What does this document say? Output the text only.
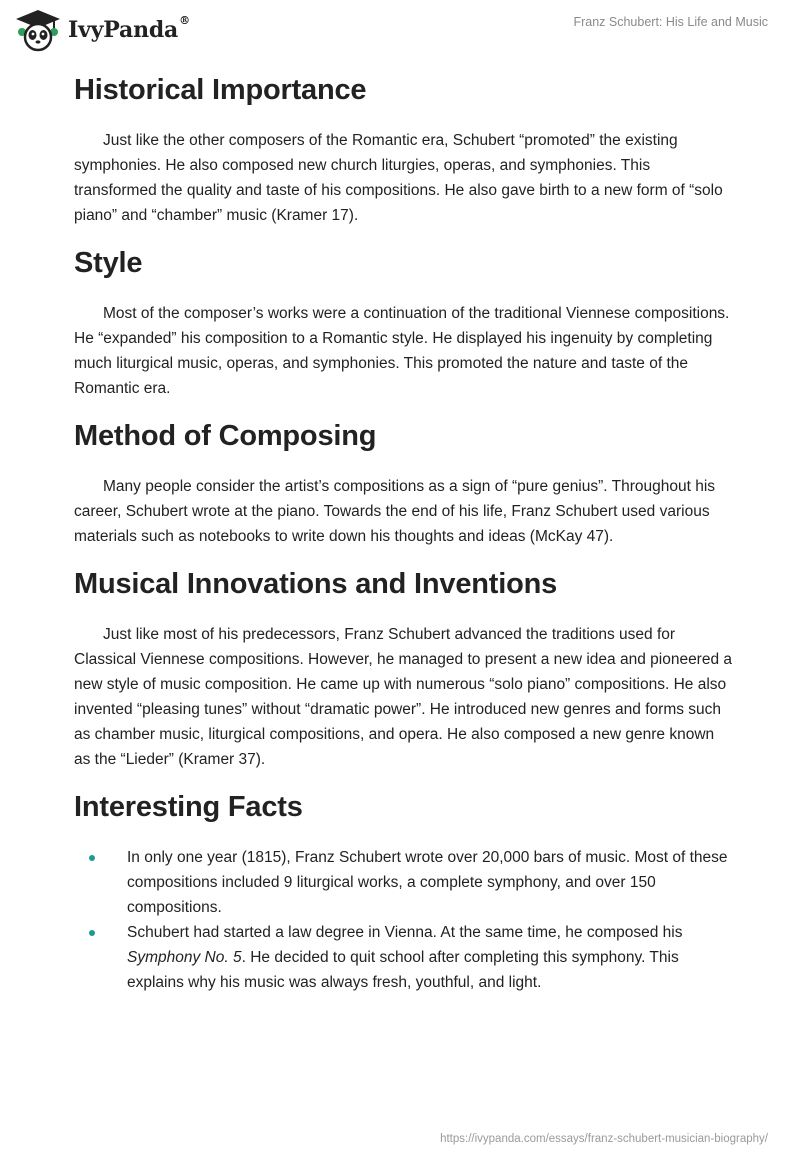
IvyPanda®	Franz Schubert: His Life and Music
Historical Importance

Just like the other composers of the Romantic era, Schubert “promoted” the existing symphonies. He also composed new church liturgies, operas, and symphonies. This transformed the quality and taste of his compositions. He also gave birth to a new form of “solo piano” and “chamber” music (Kramer 17).

Style

Most of the composer’s works were a continuation of the traditional Viennese compositions. He “expanded” his composition to a Romantic style. He displayed his ingenuity by completing much liturgical music, operas, and symphonies. This promoted the nature and taste of the Romantic era.

Method of Composing

Many people consider the artist’s compositions as a sign of “pure genius”. Throughout his career, Schubert wrote at the piano. Towards the end of his life, Franz Schubert used various materials such as notebooks to write down his thoughts and ideas (McKay 47).

Musical Innovations and Inventions

Just like most of his predecessors, Franz Schubert advanced the traditions used for Classical Viennese compositions. However, he managed to present a new idea and pioneered a new style of music composition. He came up with numerous “solo piano” compositions. He also invented “pleasing tunes” without “dramatic power”. He introduced new genres and forms such as chamber music, liturgical compositions, and opera. He also composed a new genre known as the “Lieder” (Kramer 37).

Interesting Facts
In only one year (1815), Franz Schubert wrote over 20,000 bars of music. Most of these compositions included 9 liturgical works, a complete symphony, and over 150 compositions.
Schubert had started a law degree in Vienna. At the same time, he composed his Symphony No. 5. He decided to quit school after completing this symphony. This explains why his music was always fresh, youthful, and light.
https://ivypanda.com/essays/franz-schubert-musician-biography/
